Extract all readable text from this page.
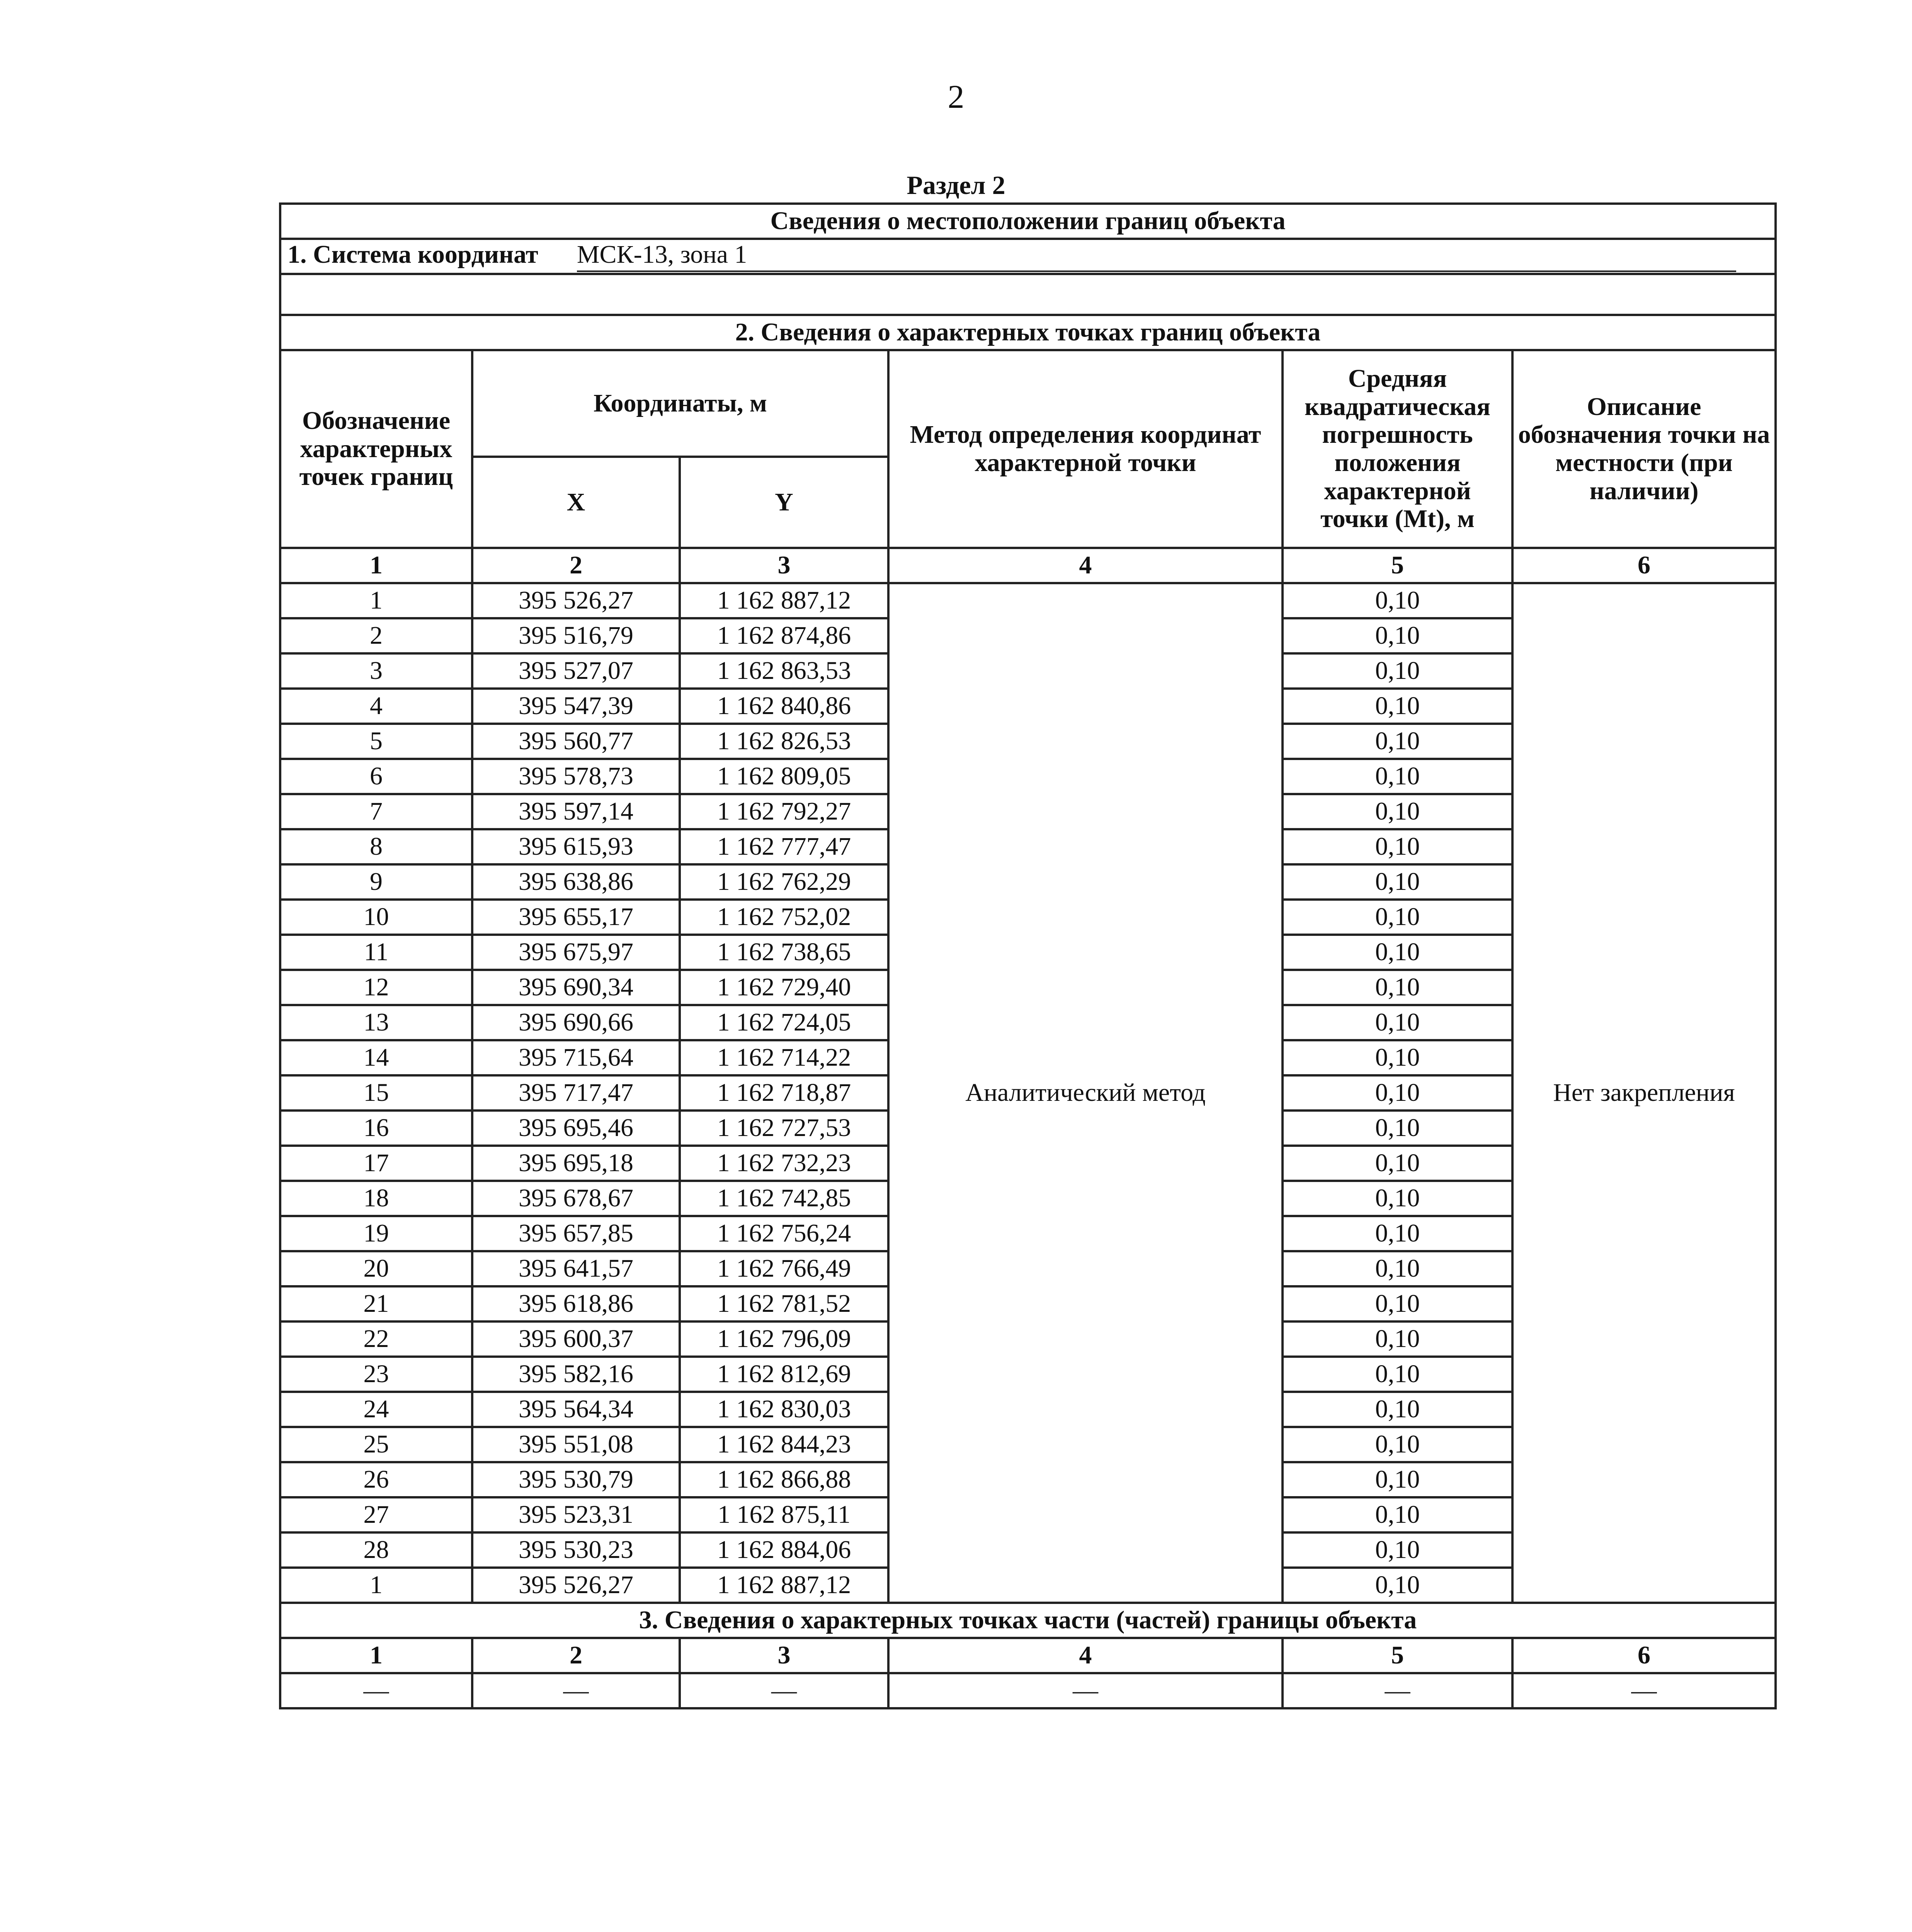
2
Раздел 2
Сведения о местоположении границ объекта					
1. Система координат МСК-13, зона 1					

2. Сведения о характерных точках границ объекта					
Обозначение характерных точек границ	Координаты, м		Метод определения координат характерной точки	Средняя квадратическая погрешность положения характерной точки (Mt), м	Описание обозначения точки на местности (при наличии)
	X	Y			
1	2	3	4	5	6
1	395 526,27	1 162 887,12	Аналитический метод	0,10	Нет закрепления
2	395 516,79	1 162 874,86		0,10	
3	395 527,07	1 162 863,53		0,10	
4	395 547,39	1 162 840,86		0,10	
5	395 560,77	1 162 826,53		0,10	
6	395 578,73	1 162 809,05		0,10	
7	395 597,14	1 162 792,27		0,10	
8	395 615,93	1 162 777,47		0,10	
9	395 638,86	1 162 762,29		0,10	
10	395 655,17	1 162 752,02		0,10	
11	395 675,97	1 162 738,65		0,10	
12	395 690,34	1 162 729,40		0,10	
13	395 690,66	1 162 724,05		0,10	
14	395 715,64	1 162 714,22		0,10	
15	395 717,47	1 162 718,87		0,10	
16	395 695,46	1 162 727,53		0,10	
17	395 695,18	1 162 732,23		0,10	
18	395 678,67	1 162 742,85		0,10	
19	395 657,85	1 162 756,24		0,10	
20	395 641,57	1 162 766,49		0,10	
21	395 618,86	1 162 781,52		0,10	
22	395 600,37	1 162 796,09		0,10	
23	395 582,16	1 162 812,69		0,10	
24	395 564,34	1 162 830,03		0,10	
25	395 551,08	1 162 844,23		0,10	
26	395 530,79	1 162 866,88		0,10	
27	395 523,31	1 162 875,11		0,10	
28	395 530,23	1 162 884,06		0,10	
1	395 526,27	1 162 887,12		0,10	
3. Сведения о характерных точках части (частей) границы объекта					
1	2	3	4	5	6
—	—	—	—	—	—
